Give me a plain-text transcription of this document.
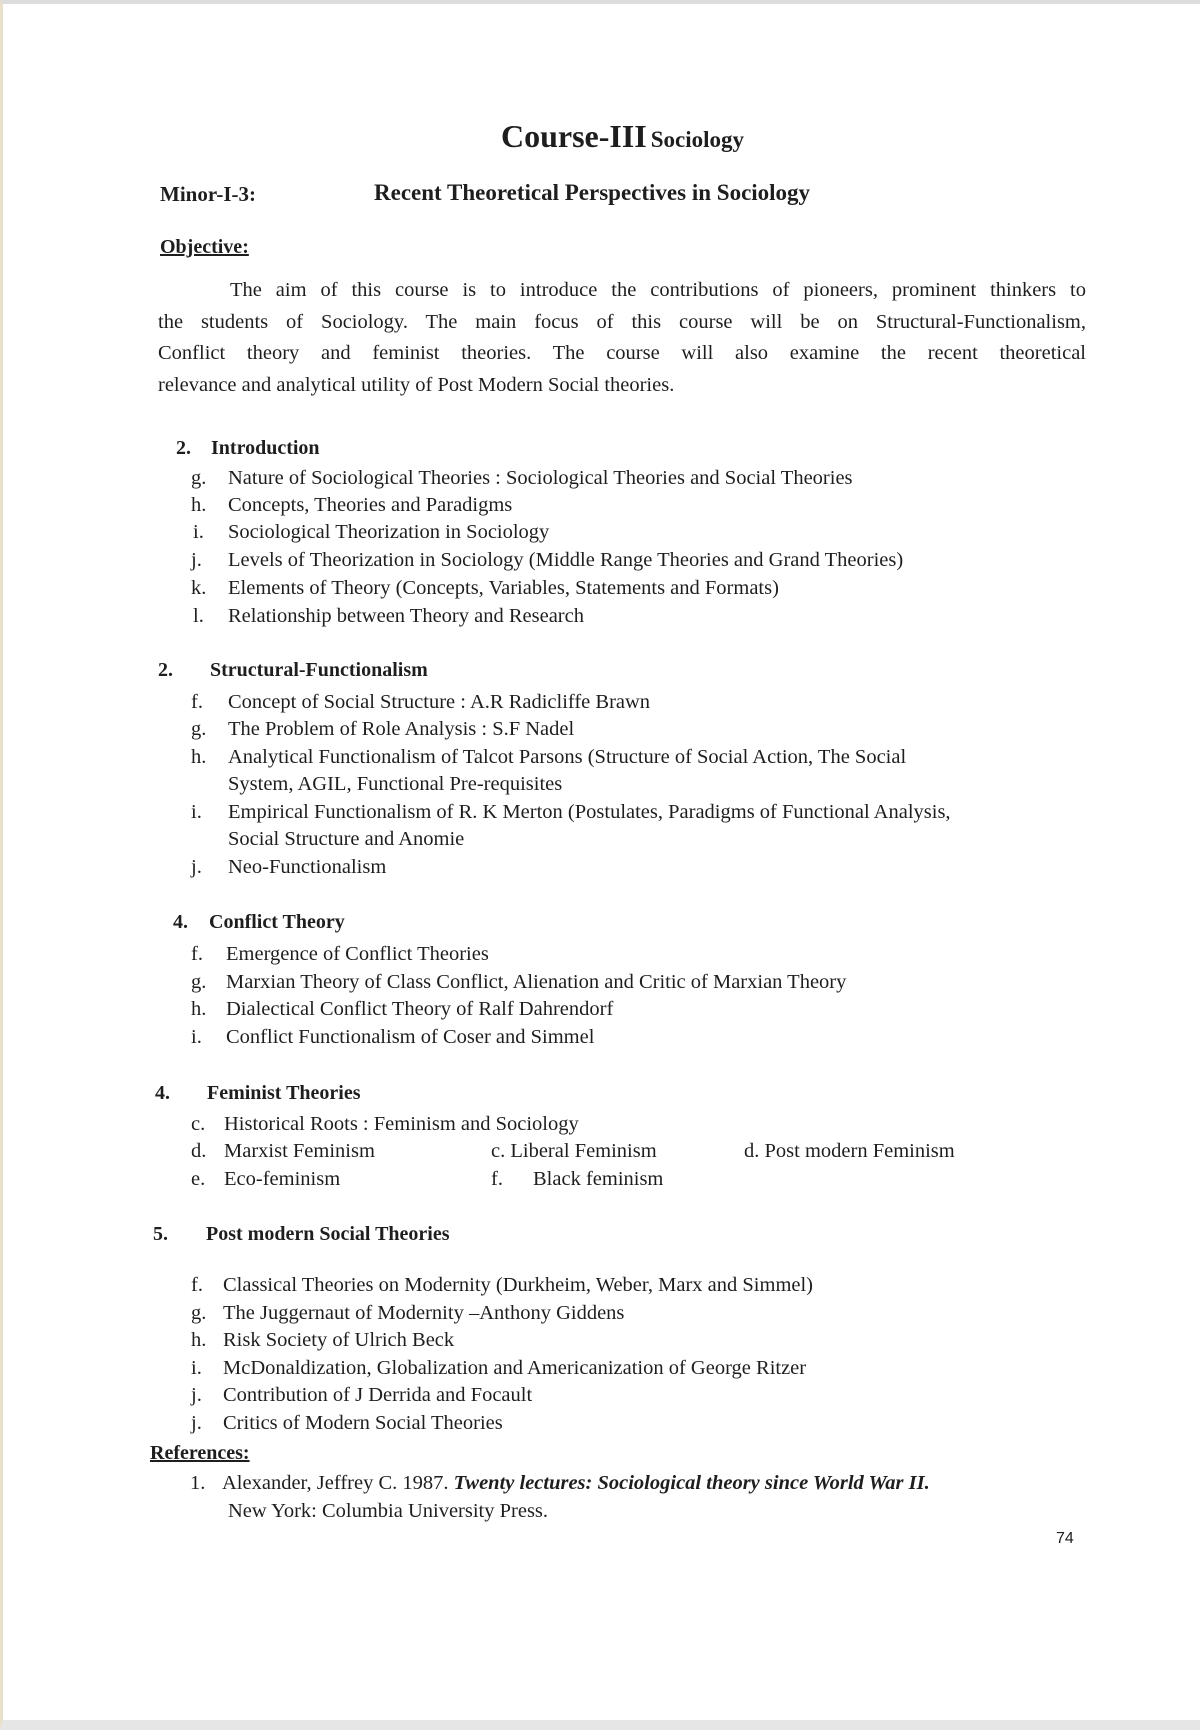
Course-III Sociology
Minor-I-3:	Recent Theoretical Perspectives in Sociology
Objective:
The aim of this course is to introduce the contributions of pioneers, prominent thinkers to
the students of Sociology. The main focus of this course will be on Structural-Functionalism,
Conflict theory and feminist theories. The course will also examine the recent theoretical
relevance and analytical utility of Post Modern Social theories.
2. Introduction
g. Nature of Sociological Theories : Sociological Theories and Social Theories
h. Concepts, Theories and Paradigms
i. Sociological Theorization in Sociology
j. Levels of Theorization in Sociology (Middle Range Theories and Grand Theories)
k. Elements of Theory (Concepts, Variables, Statements and Formats)
l. Relationship between Theory and Research
2. Structural-Functionalism
f. Concept of Social Structure : A.R Radicliffe Brawn
g. The Problem of Role Analysis : S.F Nadel
h. Analytical Functionalism of Talcot Parsons (Structure of Social Action, The Social
System, AGIL, Functional Pre-requisites
i. Empirical Functionalism of R. K Merton (Postulates, Paradigms of Functional Analysis,
Social Structure and Anomie
j. Neo-Functionalism
4. Conflict Theory
f. Emergence of Conflict Theories
g. Marxian Theory of Class Conflict, Alienation and Critic of Marxian Theory
h. Dialectical Conflict Theory of Ralf Dahrendorf
i. Conflict Functionalism of Coser and Simmel
4. Feminist Theories
c. Historical Roots : Feminism and Sociology
d. Marxist Feminism	c. Liberal Feminism	d. Post modern Feminism
e. Eco-feminism	f. Black feminism
5. Post modern Social Theories
f. Classical Theories on Modernity (Durkheim, Weber, Marx and Simmel)
g. The Juggernaut of Modernity –Anthony Giddens
h. Risk Society of Ulrich Beck
i. McDonaldization, Globalization and Americanization of George Ritzer
j. Contribution of J Derrida and Focault
j. Critics of Modern Social Theories
References:
1. Alexander, Jeffrey C. 1987. Twenty lectures: Sociological theory since World War II.
New York: Columbia University Press.
74
